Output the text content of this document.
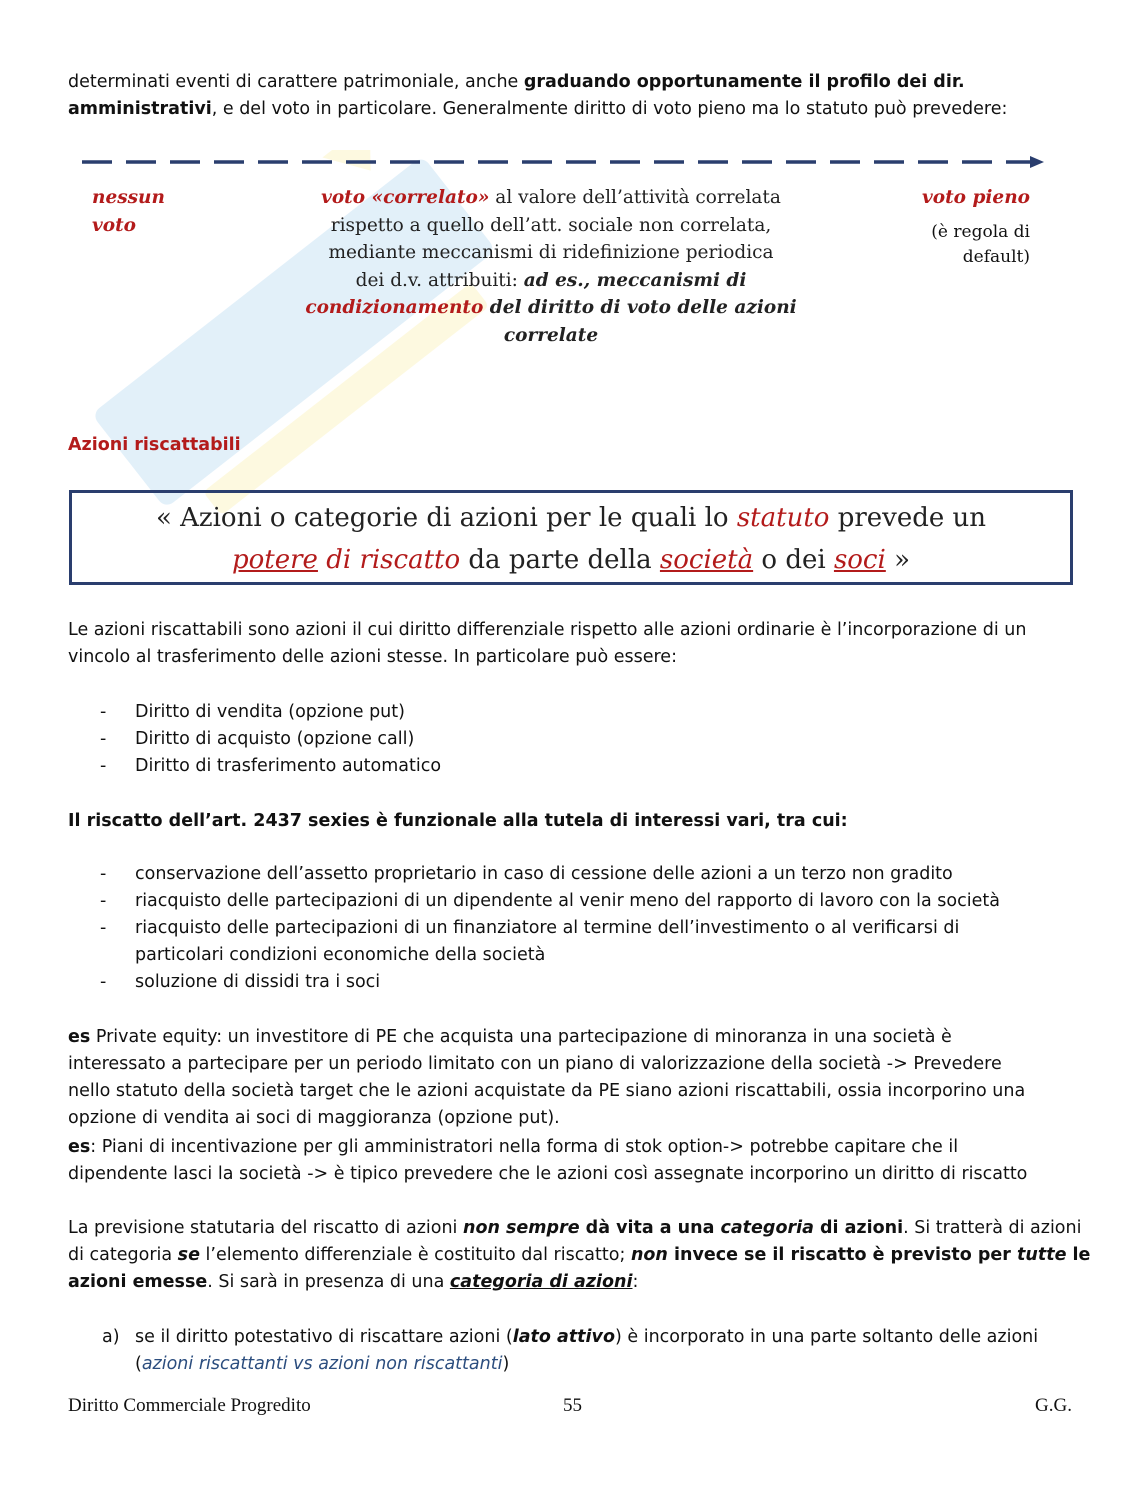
determinati eventi di carattere patrimoniale, anche graduando opportunamente il profilo dei dir.
amministrativi, e del voto in particolare. Generalmente diritto di voto pieno ma lo statuto può prevedere:
nessun
voto
voto «correlato» al valore dell’attività correlata
rispetto a quello dell’att. sociale non correlata,
mediante meccanismi di ridefinizione periodica
dei d.v. attribuiti: ad es., meccanismi di
condizionamento del diritto di voto delle azioni
correlate
voto pieno
(è regola di
default)
Azioni riscattabili
« Azioni o categorie di azioni per le quali lo statuto prevede un
potere di riscatto da parte della società o dei soci »
Le azioni riscattabili sono azioni il cui diritto differenziale rispetto alle azioni ordinarie è l’incorporazione di un
vincolo al trasferimento delle azioni stesse. In particolare può essere:
- Diritto di vendita (opzione put)
- Diritto di acquisto (opzione call)
- Diritto di trasferimento automatico
Il riscatto dell’art. 2437 sexies è funzionale alla tutela di interessi vari, tra cui:
- conservazione dell’assetto proprietario in caso di cessione delle azioni a un terzo non gradito
- riacquisto delle partecipazioni di un dipendente al venir meno del rapporto di lavoro con la società
- riacquisto delle partecipazioni di un finanziatore al termine dell’investimento o al verificarsi di
particolari condizioni economiche della società
- soluzione di dissidi tra i soci
es Private equity: un investitore di PE che acquista una partecipazione di minoranza in una società è
interessato a partecipare per un periodo limitato con un piano di valorizzazione della società -> Prevedere
nello statuto della società target che le azioni acquistate da PE siano azioni riscattabili, ossia incorporino una
opzione di vendita ai soci di maggioranza (opzione put).
es: Piani di incentivazione per gli amministratori nella forma di stok option-> potrebbe capitare che il
dipendente lasci la società -> è tipico prevedere che le azioni così assegnate incorporino un diritto di riscatto
La previsione statutaria del riscatto di azioni non sempre dà vita a una categoria di azioni. Si tratterà di azioni
di categoria se l’elemento differenziale è costituito dal riscatto; non invece se il riscatto è previsto per tutte le
azioni emesse. Si sarà in presenza di una categoria di azioni:
a) se il diritto potestativo di riscattare azioni (lato attivo) è incorporato in una parte soltanto delle azioni
(azioni riscattanti vs azioni non riscattanti)
Diritto Commerciale Progredito	55	G.G.
